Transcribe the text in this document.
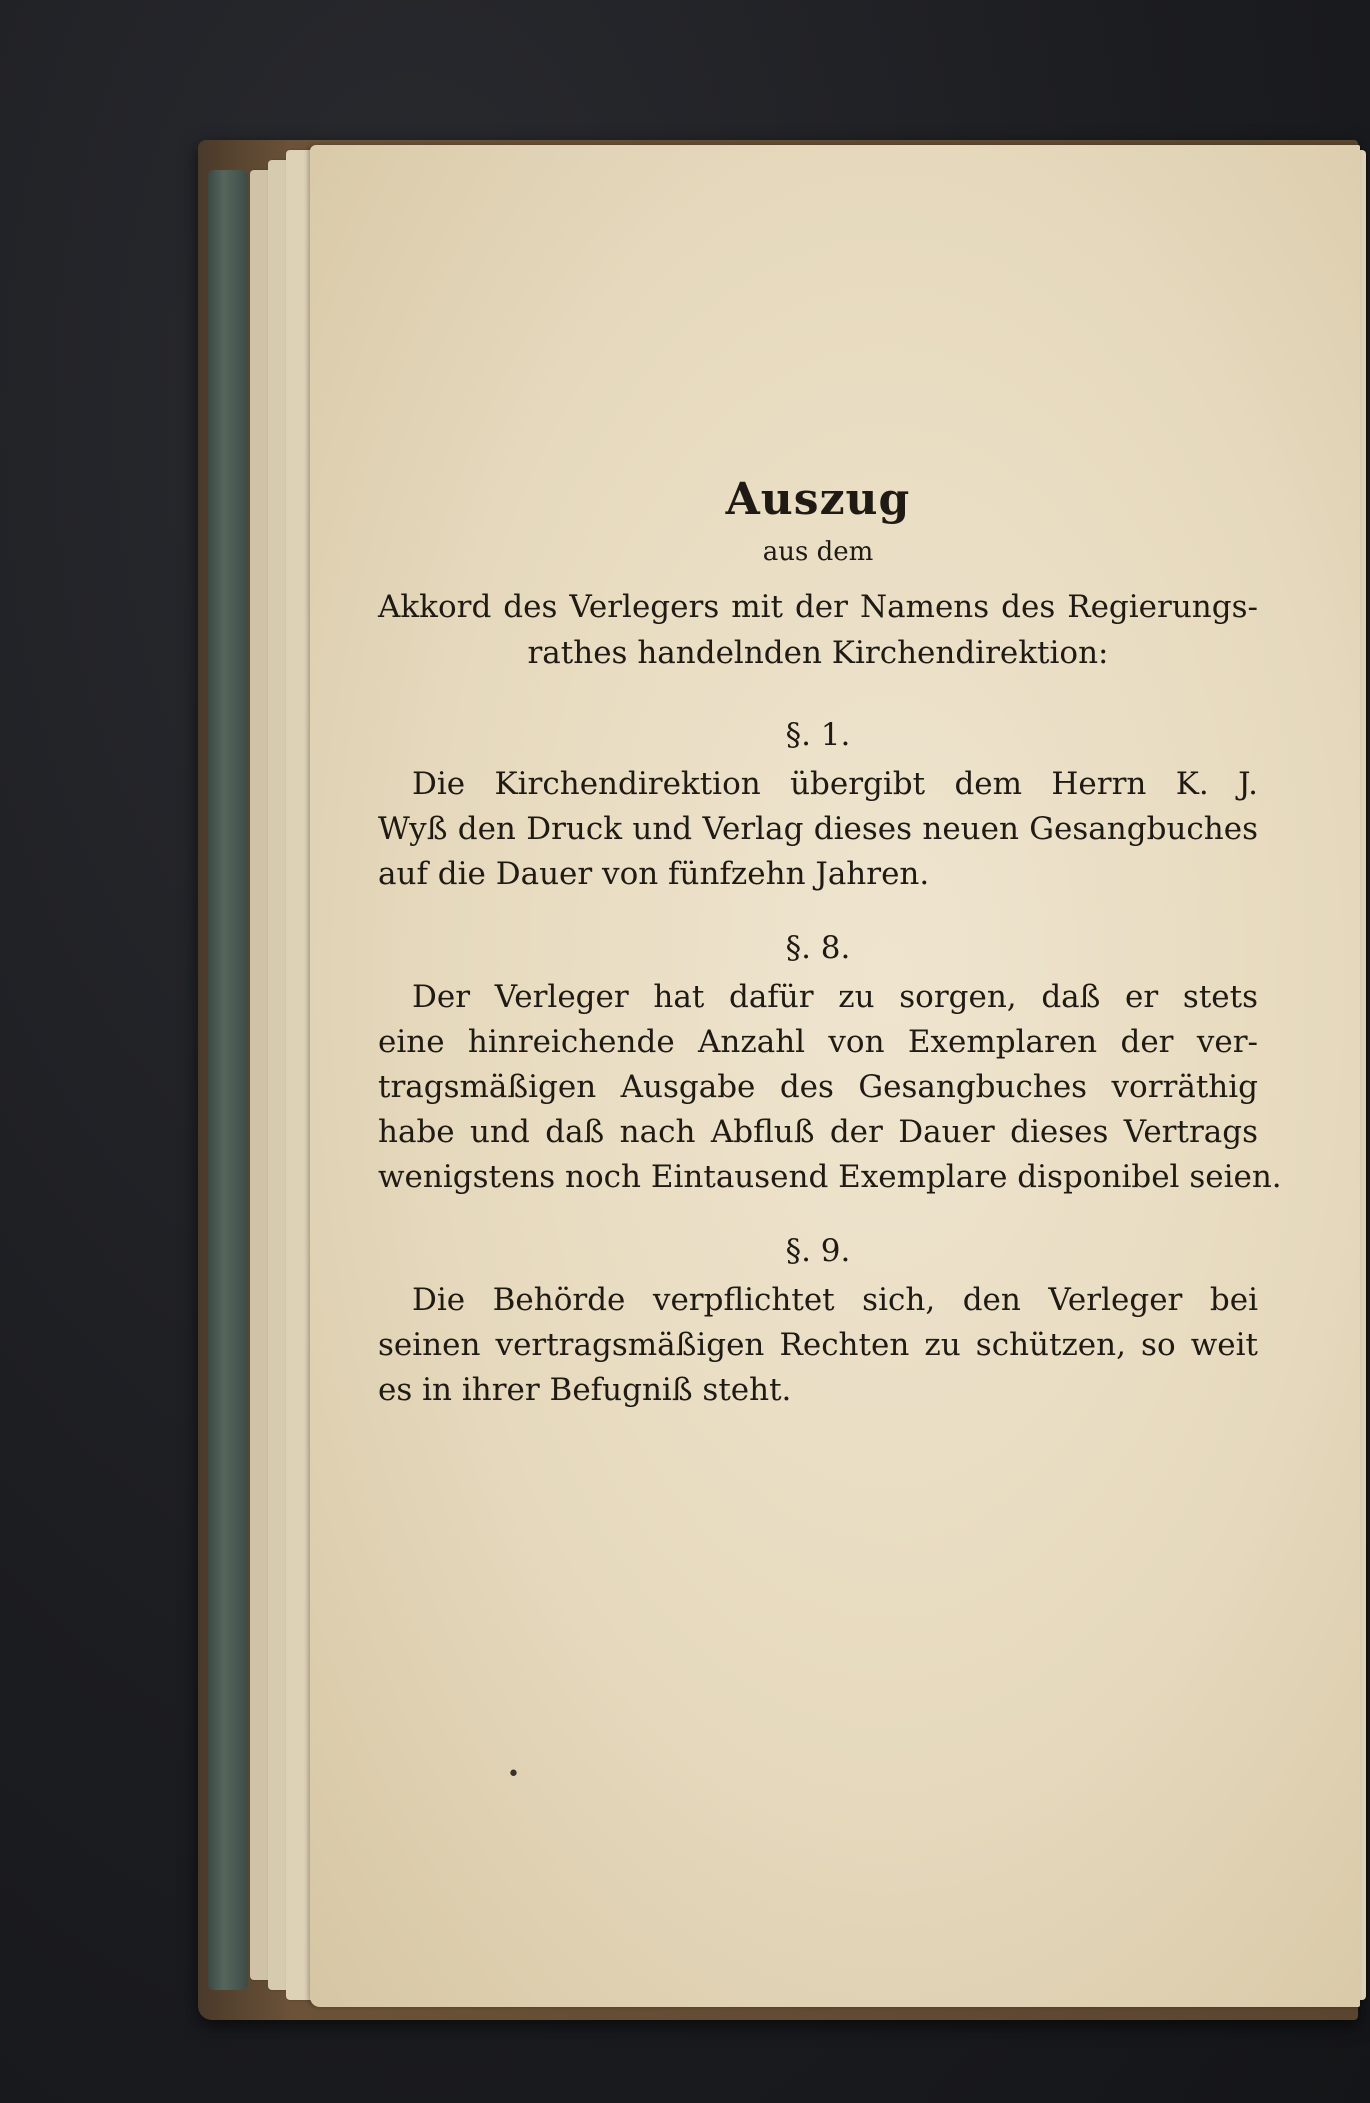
Auszug

aus dem

Akkord des Verlegers mit der Namens des Regierungs-
rathes handelnden Kirchendirektion:

§. 1.

Die Kirchendirektion übergibt dem Herrn K. J.
Wyß den Druck und Verlag dieses neuen Gesangbuches
auf die Dauer von fünfzehn Jahren.

§. 8.

Der Verleger hat dafür zu sorgen, daß er stets
eine hinreichende Anzahl von Exemplaren der ver-
tragsmäßigen Ausgabe des Gesangbuches vorräthig
habe und daß nach Abfluß der Dauer dieses Vertrags
wenigstens noch Eintausend Exemplare disponibel seien.

§. 9.

Die Behörde verpflichtet sich, den Verleger bei
seinen vertragsmäßigen Rechten zu schützen, so weit
es in ihrer Befugniß steht.

•
